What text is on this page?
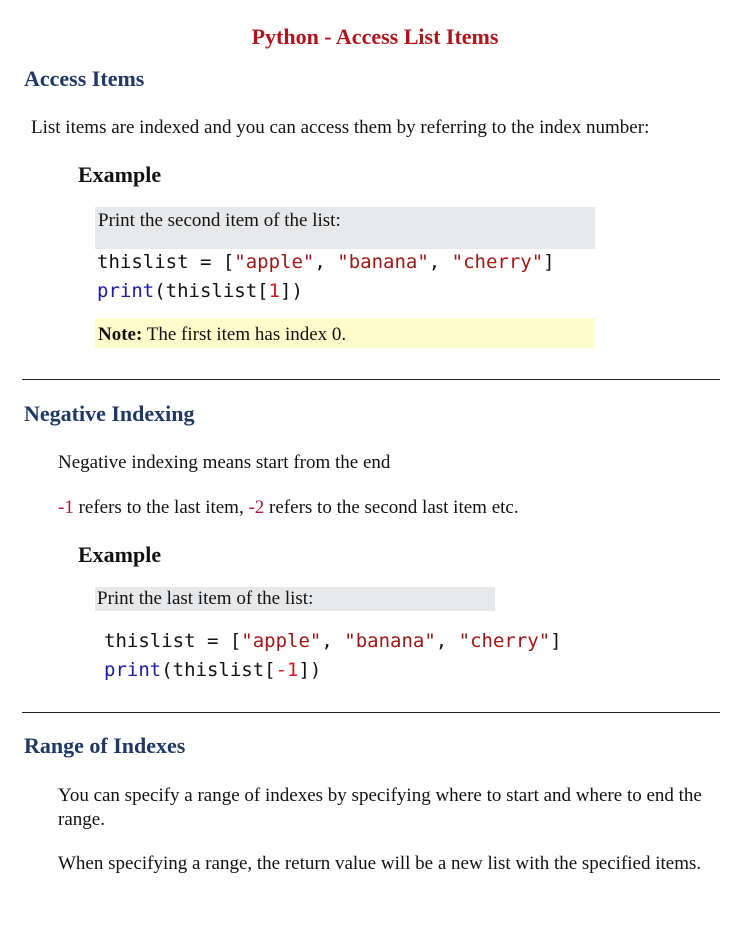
Python - Access List Items
Access Items

List items are indexed and you can access them by referring to the index number:

Example
Print the second item of the list:
thislist = ["apple", "banana", "cherry"]
print(thislist[1])
Note: The first item has index 0.
Negative Indexing

Negative indexing means start from the end

-1 refers to the last item, -2 refers to the second last item etc.

Example
Print the last item of the list:
thislist = ["apple", "banana", "cherry"]
print(thislist[-1])
Range of Indexes

You can specify a range of indexes by specifying where to start and where to end the range.

When specifying a range, the return value will be a new list with the specified items.
